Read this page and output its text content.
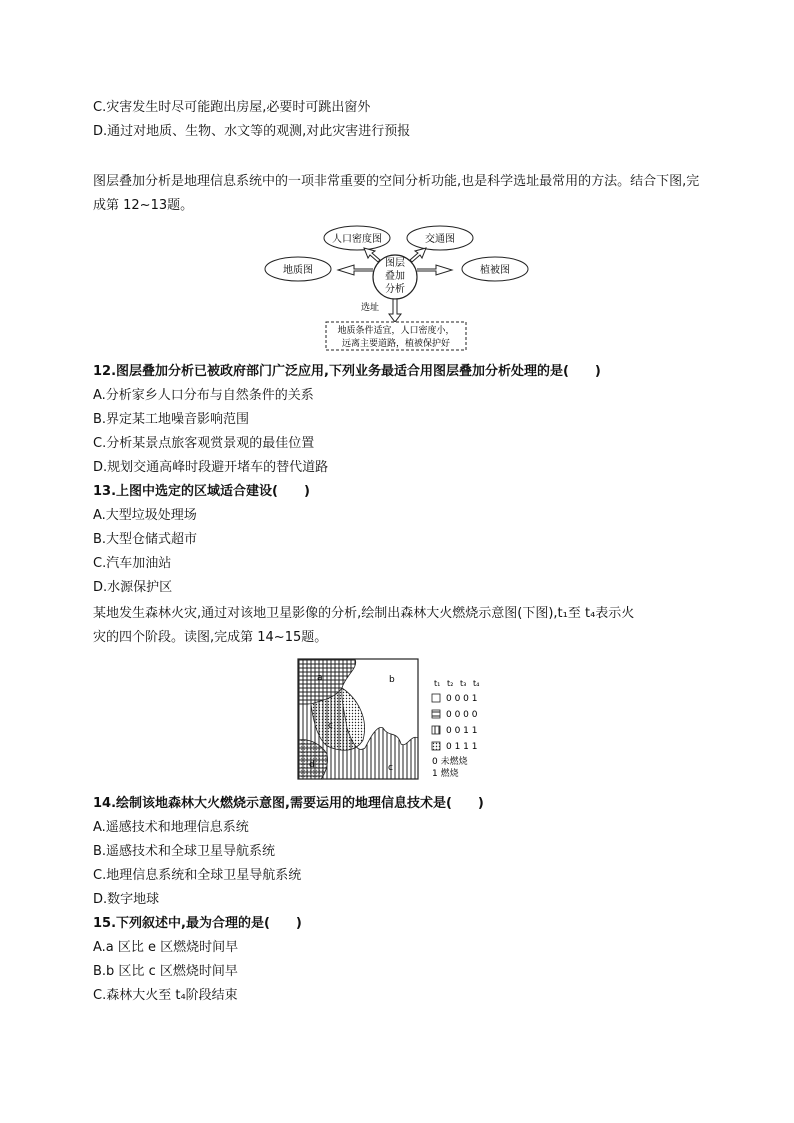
C.灾害发生时尽可能跑出房屋,必要时可跳出窗外
D.通过对地质、生物、水文等的观测,对此灾害进行预报
图层叠加分析是地理信息系统中的一项非常重要的空间分析功能,也是科学选址最常用的方法。结合下图,完成第 12~13题。
图层
叠加
分析
人口密度图	交通图
地质图	植被图
选址
地质条件适宜，人口密度小，
远离主要道路，植被保护好
12.图层叠加分析已被政府部门广泛应用,下列业务最适合用图层叠加分析处理的是(　　)
A.分析家乡人口分布与自然条件的关系
B.界定某工地噪音影响范围
C.分析某景点旅客观赏景观的最佳位置
D.规划交通高峰时段避开堵车的替代道路
13.上图中选定的区域适合建设(　　)
A.大型垃圾处理场
B.大型仓储式超市
C.汽车加油站
D.水源保护区
某地发生森林火灾,通过对该地卫星影像的分析,绘制出森林大火燃烧示意图(下图),t₁至 t₄表示火
灾的四个阶段。读图,完成第 14~15题。
a	b
c
d	c
t₁ t₂ t₃ t₄
0 0 0 1
0 0 0 0
0 0 1 1
0 1 1 1
0 未燃烧
1 燃烧
14.绘制该地森林大火燃烧示意图,需要运用的地理信息技术是(　　)
A.遥感技术和地理信息系统
B.遥感技术和全球卫星导航系统
C.地理信息系统和全球卫星导航系统
D.数字地球
15.下列叙述中,最为合理的是(　　)
A.a 区比 e 区燃烧时间早
B.b 区比 c 区燃烧时间早
C.森林大火至 t₄阶段结束
